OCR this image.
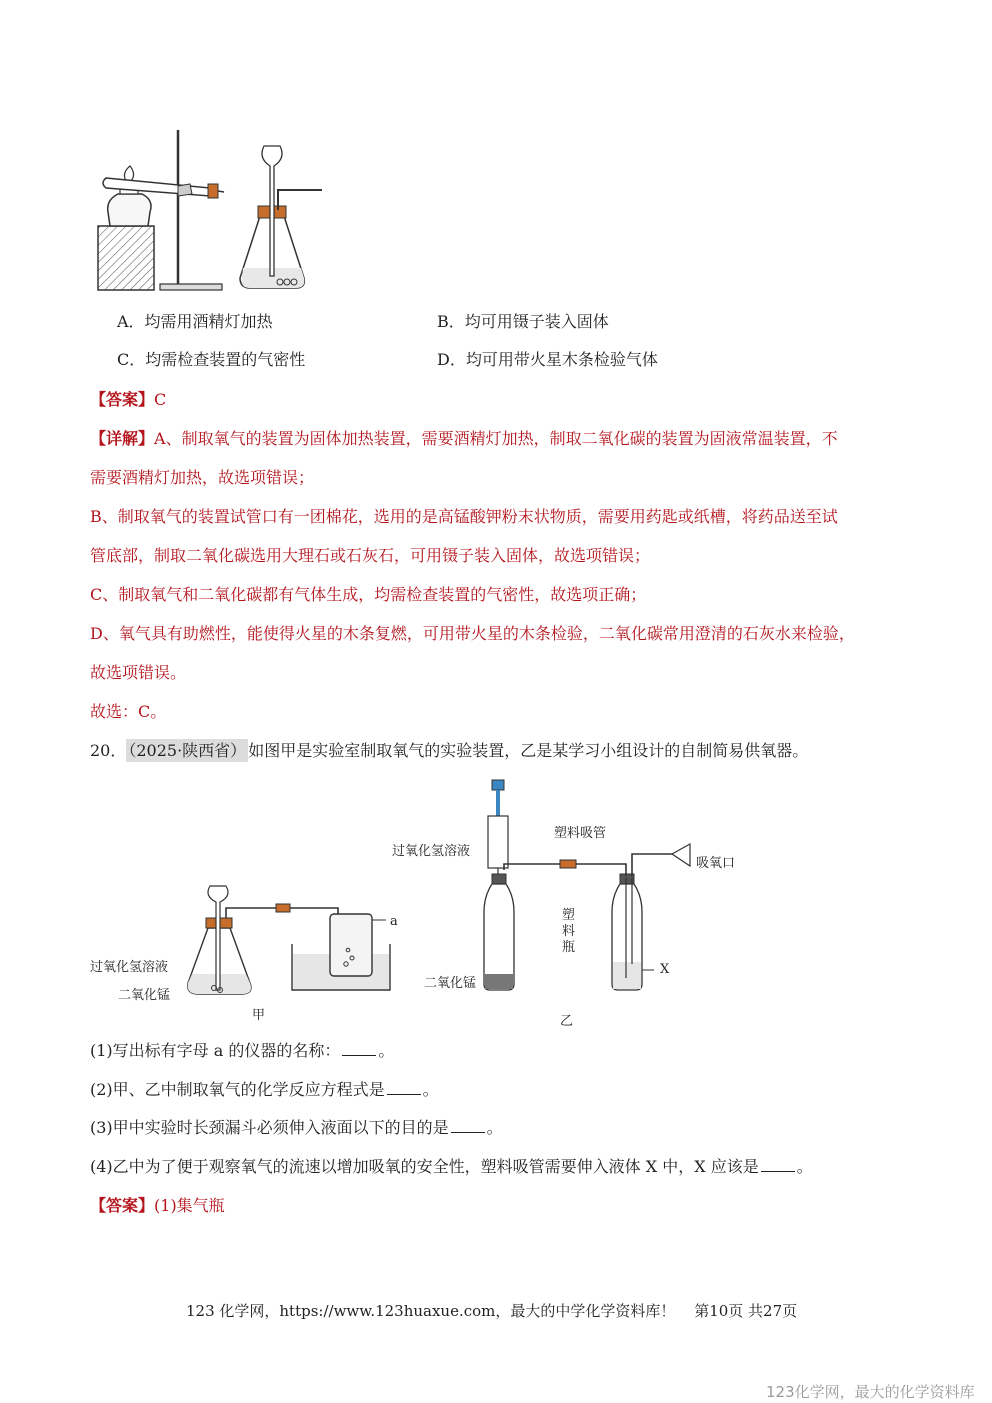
A．均需用酒精灯加热	B．均可用镊子装入固体
C．均需检查装置的气密性	D．均可用带火星木条检验气体
【答案】C
【详解】A、制取氧气的装置为固体加热装置，需要酒精灯加热，制取二氧化碳的装置为固液常温装置，不
需要酒精灯加热，故选项错误；
B、制取氧气的装置试管口有一团棉花，选用的是高锰酸钾粉末状物质，需要用药匙或纸槽，将药品送至试
管底部，制取二氧化碳选用大理石或石灰石，可用镊子装入固体，故选项错误；
C、制取氧气和二氧化碳都有气体生成，均需检查装置的气密性，故选项正确；
D、氧气具有助燃性，能使得火星的木条复燃，可用带火星的木条检验，二氧化碳常用澄清的石灰水来检验，
故选项错误。
故选：C。
20． （2025·陕西省） 如图甲是实验室制取氧气的实验装置，乙是某学习小组设计的自制简易供氧器。
过氧化氢溶液
二氧化锰
a
甲
过氧化氢溶液
塑料吸管
吸氧口
塑
料
瓶
二氧化锰
X
乙
(1)写出标有字母 a 的仪器的名称： 。
(2)甲、乙中制取氧气的化学反应方程式是 。
(3)甲中实验时长颈漏斗必须伸入液面以下的目的是 。
(4)乙中为了便于观察氧气的流速以增加吸氧的安全性，塑料吸管需要伸入液体 X 中，X 应该是 。
【答案】(1)集气瓶
123 化学网，https://www.123huaxue.com，最大的中学化学资料库！ 第10页 共27页
123化学网，最大的化学资料库
